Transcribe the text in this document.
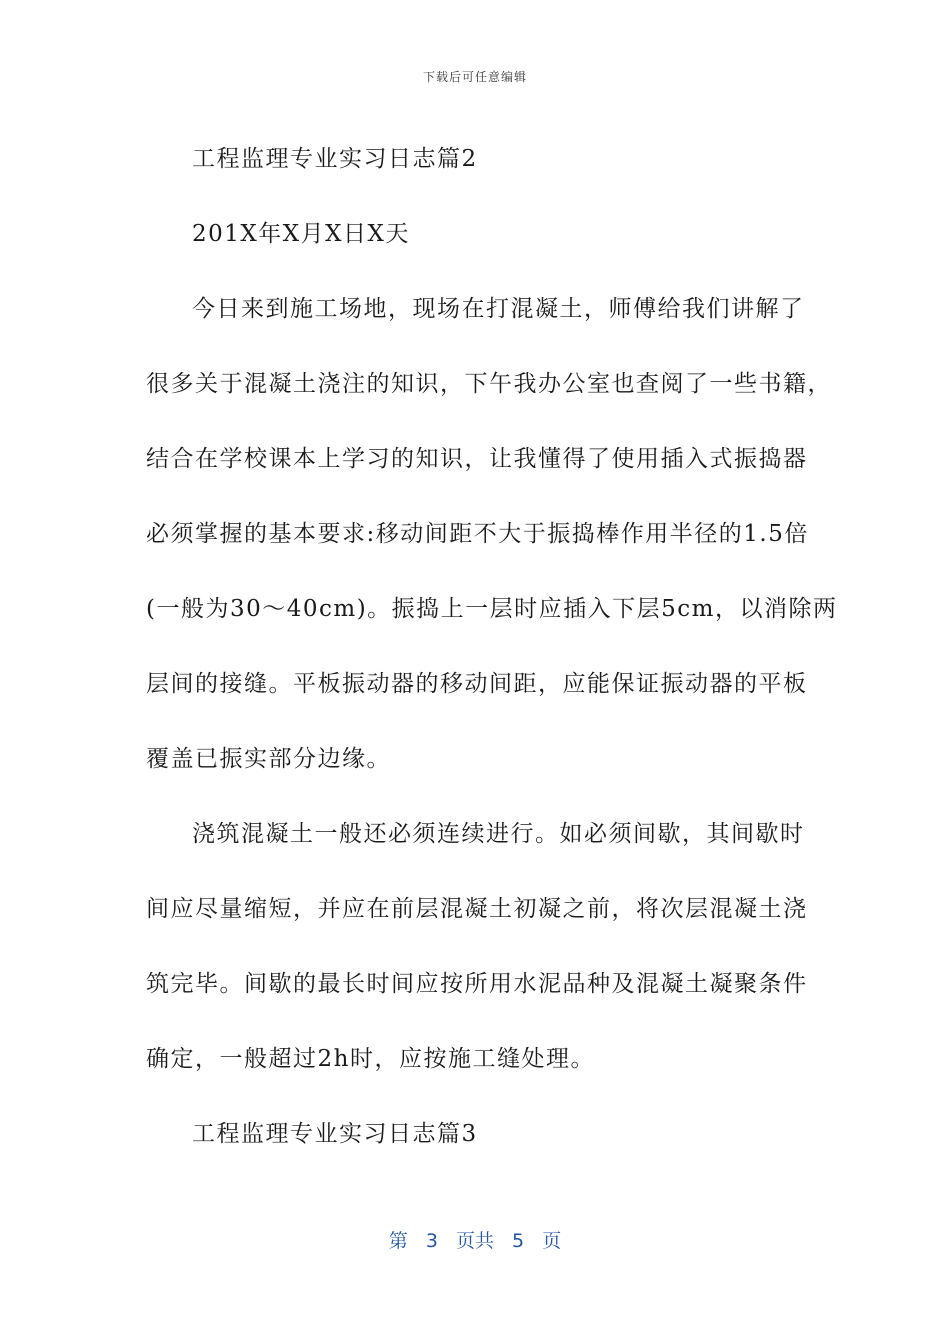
下载后可任意编辑
工程监理专业实习日志篇2
201X年X月X日X天
今日来到施工场地，现场在打混凝土，师傅给我们讲解了
很多关于混凝土浇注的知识，下午我办公室也查阅了一些书籍，
结合在学校课本上学习的知识，让我懂得了使用插入式振捣器
必须掌握的基本要求:移动间距不大于振捣棒作用半径的1.5倍
(一般为30～40cm)。振捣上一层时应插入下层5cm，以消除两
层间的接缝。平板振动器的移动间距，应能保证振动器的平板
覆盖已振实部分边缘。
浇筑混凝土一般还必须连续进行。如必须间歇，其间歇时
间应尽量缩短，并应在前层混凝土初凝之前，将次层混凝土浇
筑完毕。间歇的最长时间应按所用水泥品种及混凝土凝聚条件
确定，一般超过2h时，应按施工缝处理。
工程监理专业实习日志篇3
第 3 页共 5 页
